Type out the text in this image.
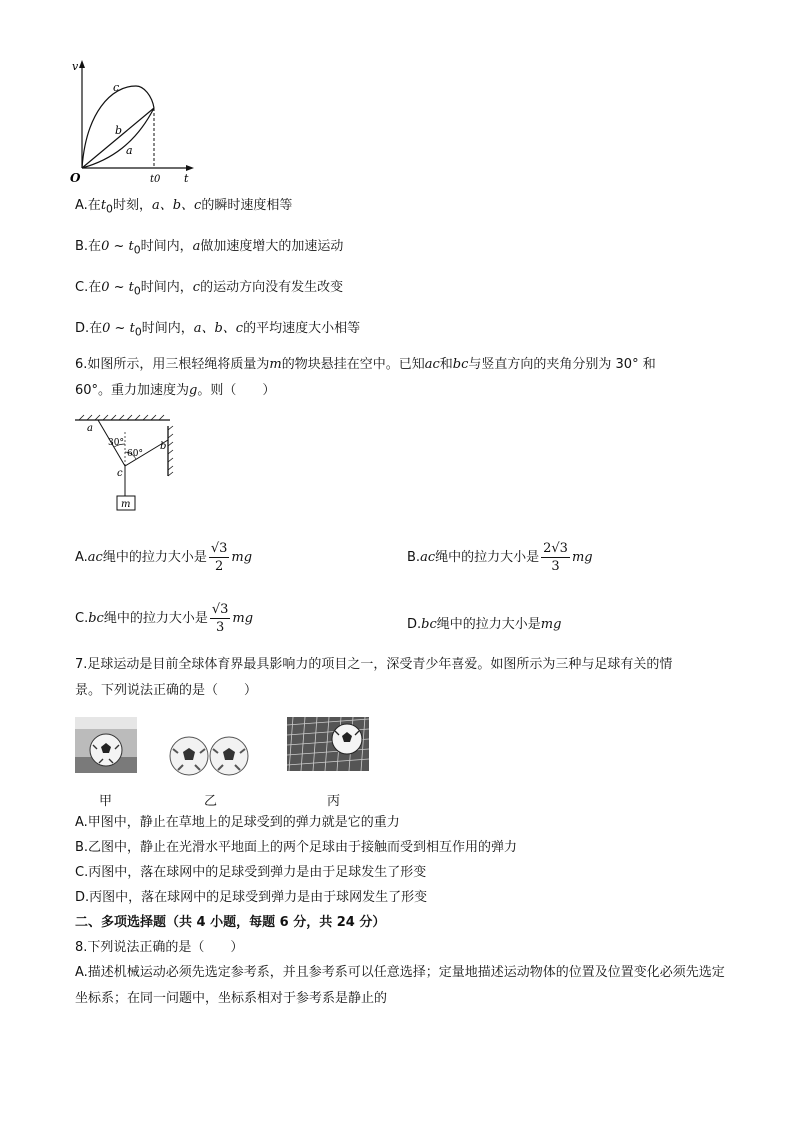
v
t
O	t0
c
b
a
A.在$t_0$时刻，a、b、c的瞬时速度相等
B.在0 ~ $t_0$时间内，a做加速度增大的加速运动
C.在0 ~ $t_0$时间内，c的运动方向没有发生改变
D.在0 ~ $t_0$时间内，a、b、c的平均速度大小相等
6.如图所示，用三根轻绳将质量为m的物块悬挂在空中。已知ac和bc与竖直方向的夹角分别为 30° 和
60°。重力加速度为g。则（　　）
m
a
b
c
30°
60°
A.ac绳中的拉力大小是 $\frac{√3}{2}$ mg	B.ac绳中的拉力大小是 $\frac{2√3}{3}$ mg
C.bc绳中的拉力大小是 $\frac{√3}{3}$ mg	D.bc绳中的拉力大小是mg
7.足球运动是目前全球体育界最具影响力的项目之一，深受青少年喜爱。如图所示为三种与足球有关的情
景。下列说法正确的是（　　）
甲	乙	丙
A.甲图中，静止在草地上的足球受到的弹力就是它的重力
B.乙图中，静止在光滑水平地面上的两个足球由于接触而受到相互作用的弹力
C.丙图中，落在球网中的足球受到弹力是由于足球发生了形变
D.丙图中，落在球网中的足球受到弹力是由于球网发生了形变
二、多项选择题（共 4 小题，每题 6 分，共 24 分）
8.下列说法正确的是（　　）
A.描述机械运动必须先选定参考系，并且参考系可以任意选择；定量地描述运动物体的位置及位置变化必须先选定坐标系；在同一问题中，坐标系相对于参考系是静止的
